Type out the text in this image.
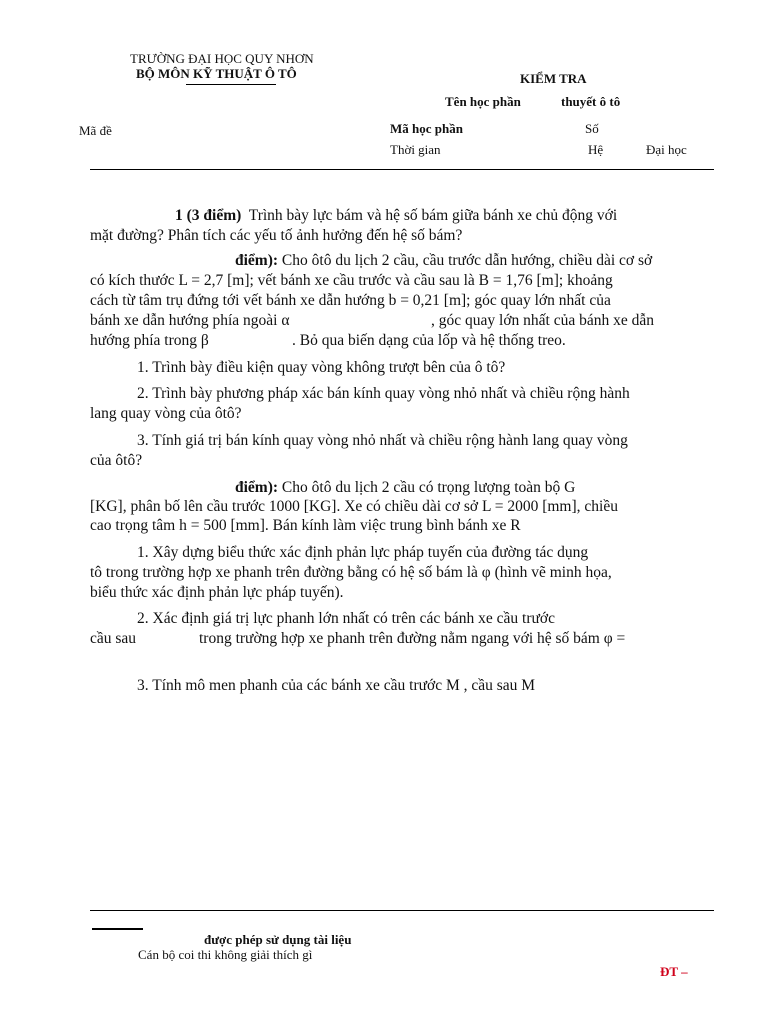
TRƯỜNG ĐẠI HỌC QUY NHƠN
BỘ MÔN KỸ THUẬT Ô TÔ	KIỂM TRA
Tên học phần	thuyết ô tô
Mã đề	Mã học phần	Số
Thời gian	Hệ	Đại học
1 (3 điểm) Trình bày lực bám và hệ số bám giữa bánh xe chủ động với
mặt đường? Phân tích các yếu tố ảnh hưởng đến hệ số bám?
điểm): Cho ôtô du lịch 2 cầu, cầu trước dẫn hướng, chiều dài cơ sở
có kích thước L = 2,7 [m]; vết bánh xe cầu trước và cầu sau là B = 1,76 [m]; khoảng
cách từ tâm trụ đứng tới vết bánh xe dẫn hướng b = 0,21 [m]; góc quay lớn nhất của
bánh xe dẫn hướng phía ngoài α	, góc quay lớn nhất của bánh xe dẫn
hướng phía trong β	. Bỏ qua biến dạng của lốp và hệ thống treo.
1. Trình bày điều kiện quay vòng không trượt bên của ô tô?
2. Trình bày phương pháp xác bán kính quay vòng nhỏ nhất và chiều rộng hành
lang quay vòng của ôtô?
3. Tính giá trị bán kính quay vòng nhỏ nhất và chiều rộng hành lang quay vòng
của ôtô?
điểm): Cho ôtô du lịch 2 cầu có trọng lượng toàn bộ G
[KG], phân bố lên cầu trước 1000 [KG]. Xe có chiều dài cơ sở L = 2000 [mm], chiều
cao trọng tâm h = 500 [mm]. Bán kính làm việc trung bình bánh xe R
1. Xây dựng biểu thức xác định phản lực pháp tuyến của đường tác dụng
tô trong trường hợp xe phanh trên đường bằng có hệ số bám là φ (hình vẽ minh họa,
biểu thức xác định phản lực pháp tuyến).
2. Xác định giá trị lực phanh lớn nhất có trên các bánh xe cầu trước
cầu sau	trong trường hợp xe phanh trên đường nằm ngang với hệ số bám φ =
3. Tính mô men phanh của các bánh xe cầu trước M , cầu sau M
được phép sử dụng tài liệu
Cán bộ coi thi không giải thích gì
ĐT –
